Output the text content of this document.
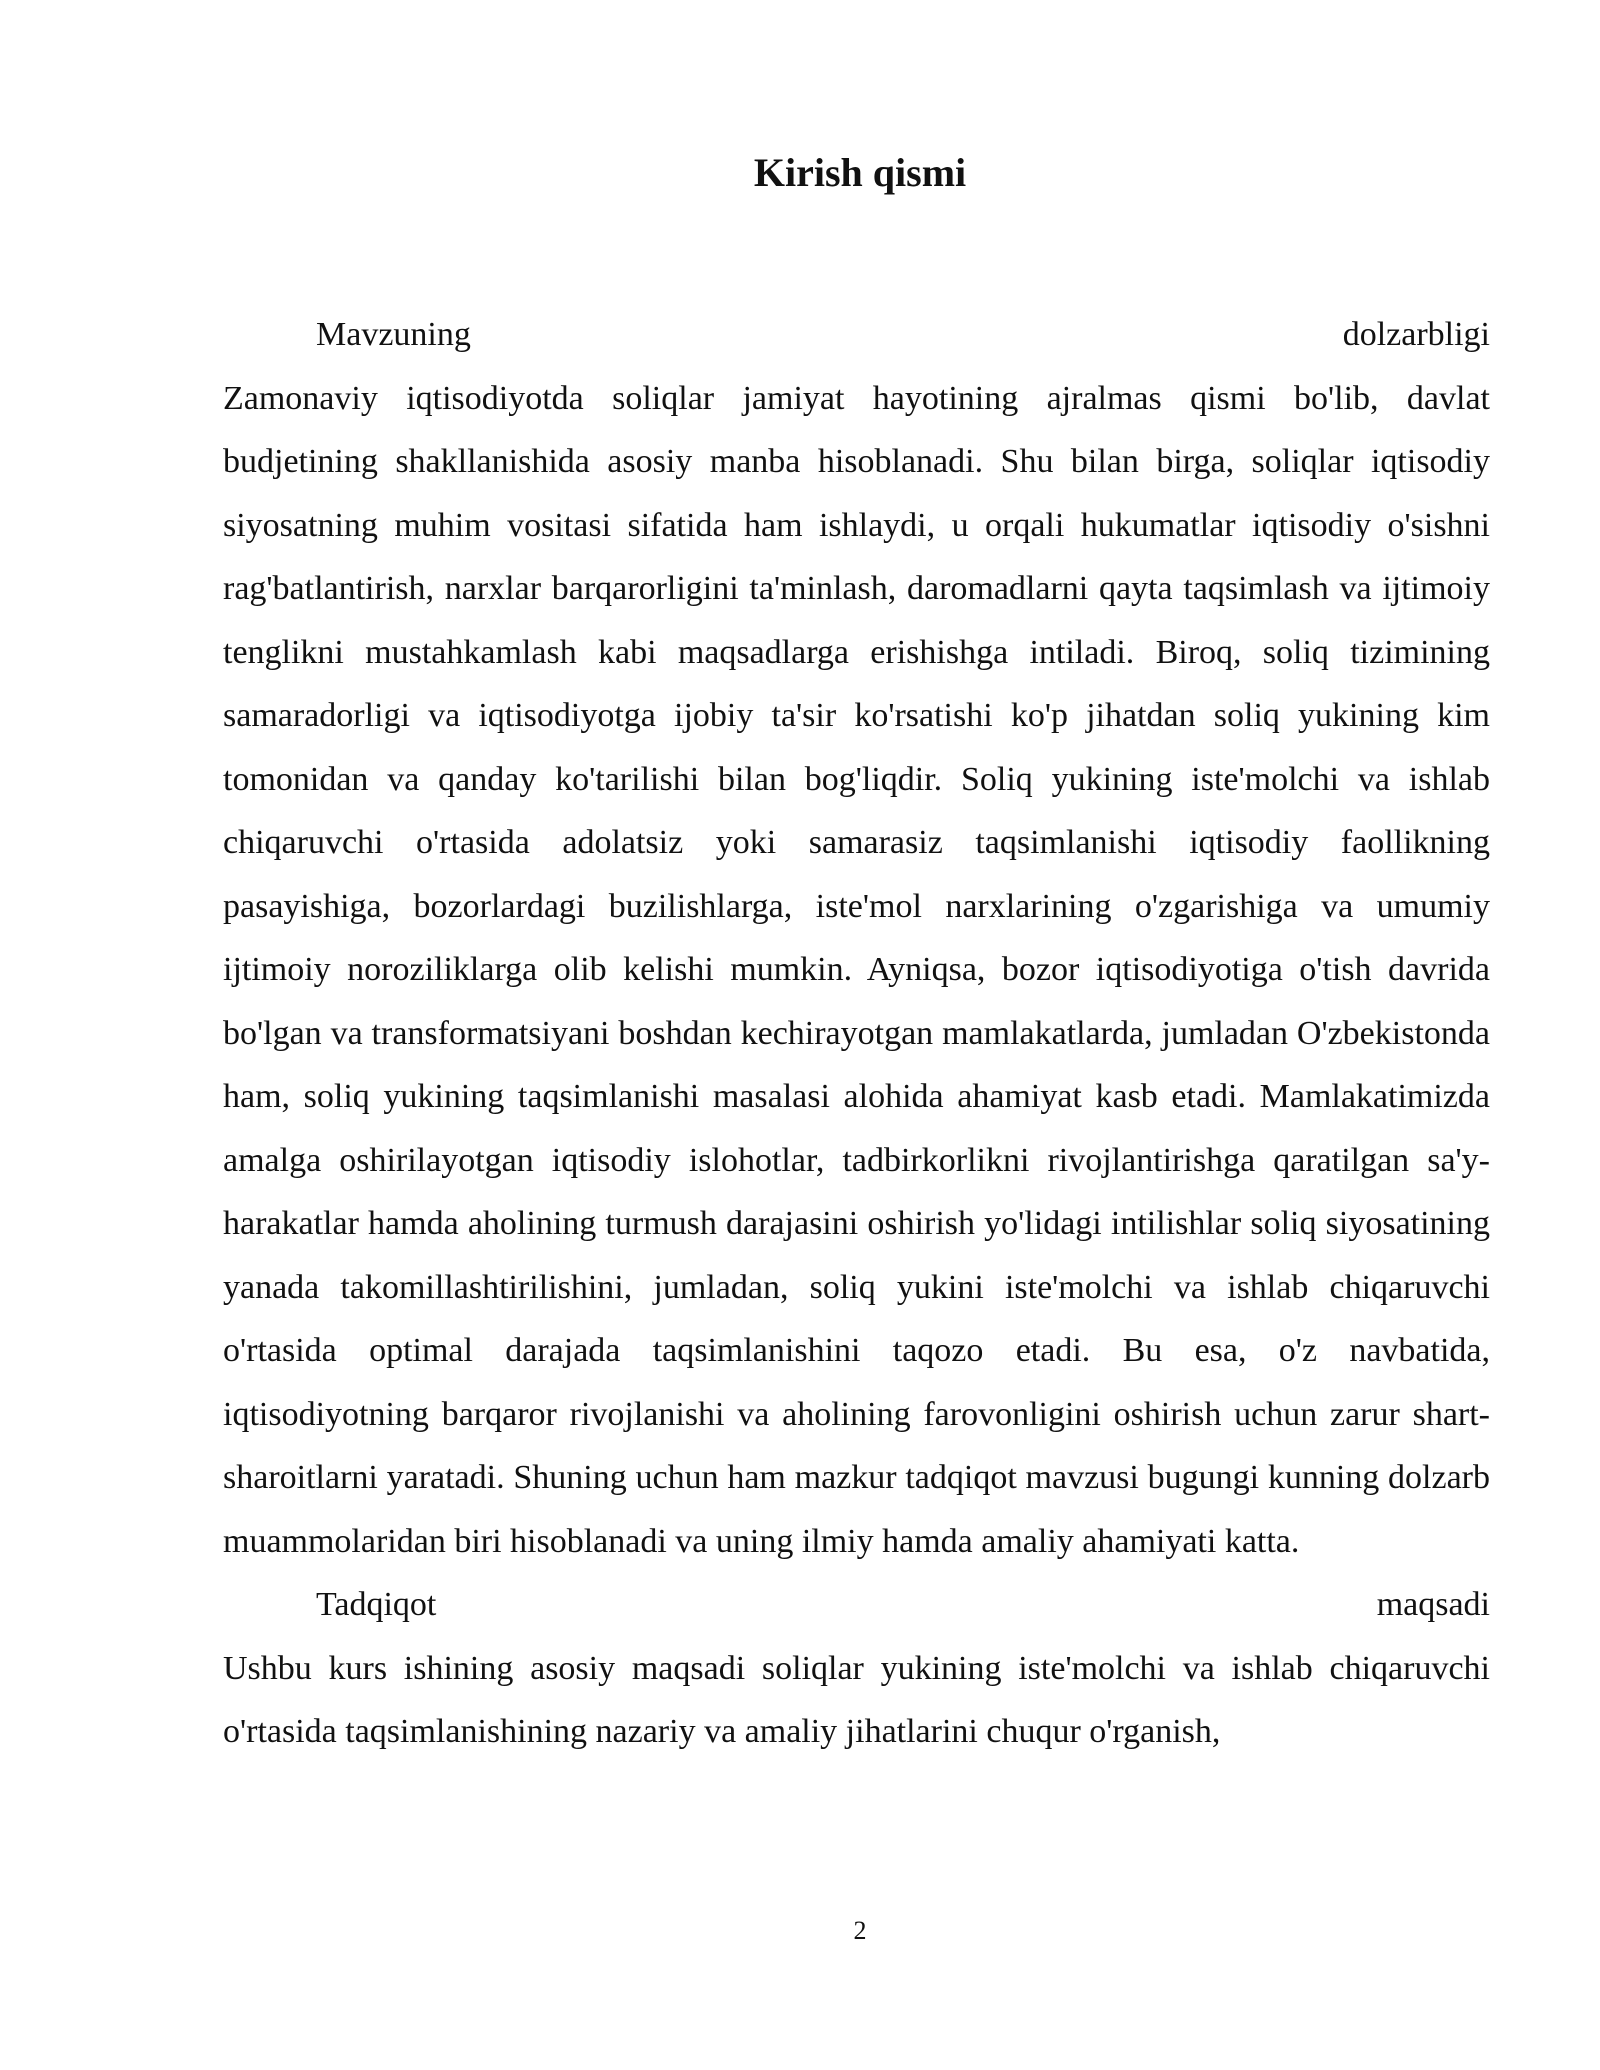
Kirish qismi
Mavzuning	dolzarbligi

Zamonaviy iqtisodiyotda soliqlar jamiyat hayotining ajralmas qismi bo'lib, davlat budjetining shakllanishida asosiy manba hisoblanadi. Shu bilan birga, soliqlar iqtisodiy siyosatning muhim vositasi sifatida ham ishlaydi, u orqali hukumatlar iqtisodiy o'sishni rag'batlantirish, narxlar barqarorligini ta'minlash, daromadlarni qayta taqsimlash va ijtimoiy tenglikni mustahkamlash kabi maqsadlarga erishishga intiladi. Biroq, soliq tizimining samaradorligi va iqtisodiyotga ijobiy ta'sir ko'rsatishi ko'p jihatdan soliq yukining kim tomonidan va qanday ko'tarilishi bilan bog'liqdir. Soliq yukining iste'molchi va ishlab chiqaruvchi o'rtasida adolatsiz yoki samarasiz taqsimlanishi iqtisodiy faollikning pasayishiga, bozorlardagi buzilishlarga, iste'mol narxlarining o'zgarishiga va umumiy ijtimoiy noroziliklarga olib kelishi mumkin. Ayniqsa, bozor iqtisodiyotiga o'tish davrida bo'lgan va transformatsiyani boshdan kechirayotgan mamlakatlarda, jumladan O'zbekistonda ham, soliq yukining taqsimlanishi masalasi alohida ahamiyat kasb etadi. Mamlakatimizda amalga oshirilayotgan iqtisodiy islohotlar, tadbirkorlikni rivojlantirishga qaratilgan sa'y-harakatlar hamda aholining turmush darajasini oshirish yo'lidagi intilishlar soliq siyosatining yanada takomillashtirilishini, jumladan, soliq yukini iste'molchi va ishlab chiqaruvchi o'rtasida optimal darajada taqsimlanishini taqozo etadi. Bu esa, o'z navbatida, iqtisodiyotning barqaror rivojlanishi va aholining farovonligini oshirish uchun zarur shart-sharoitlarni yaratadi. Shuning uchun ham mazkur tadqiqot mavzusi bugungi kunning dolzarb muammolaridan biri hisoblanadi va uning ilmiy hamda amaliy ahamiyati katta.

Tadqiqot	maqsadi

Ushbu kurs ishining asosiy maqsadi soliqlar yukining iste'molchi va ishlab chiqaruvchi o'rtasida taqsimlanishining nazariy va amaliy jihatlarini chuqur o'rganish,

2
